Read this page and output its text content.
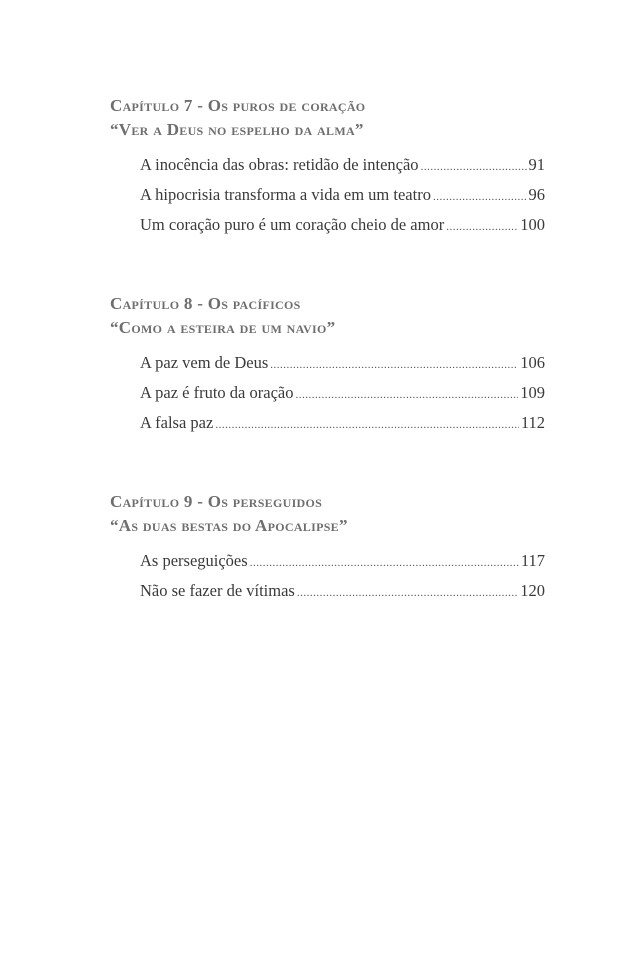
Capítulo 7 - Os puros de coração
“Ver a Deus no espelho da alma”
A inocência das obras: retidão de intenção .....	91
A hipocrisia transforma a vida em um teatro .....	96
Um coração puro é um coração cheio de amor .....	100
Capítulo 8 - Os pacíficos
“Como a esteira de um navio”
A paz vem de Deus .....	106
A paz é fruto da oração .....	109
A falsa paz .....	112
Capítulo 9 - Os perseguidos
“As duas bestas do Apocalipse”
As perseguições .....	117
Não se fazer de vítimas .....	120
